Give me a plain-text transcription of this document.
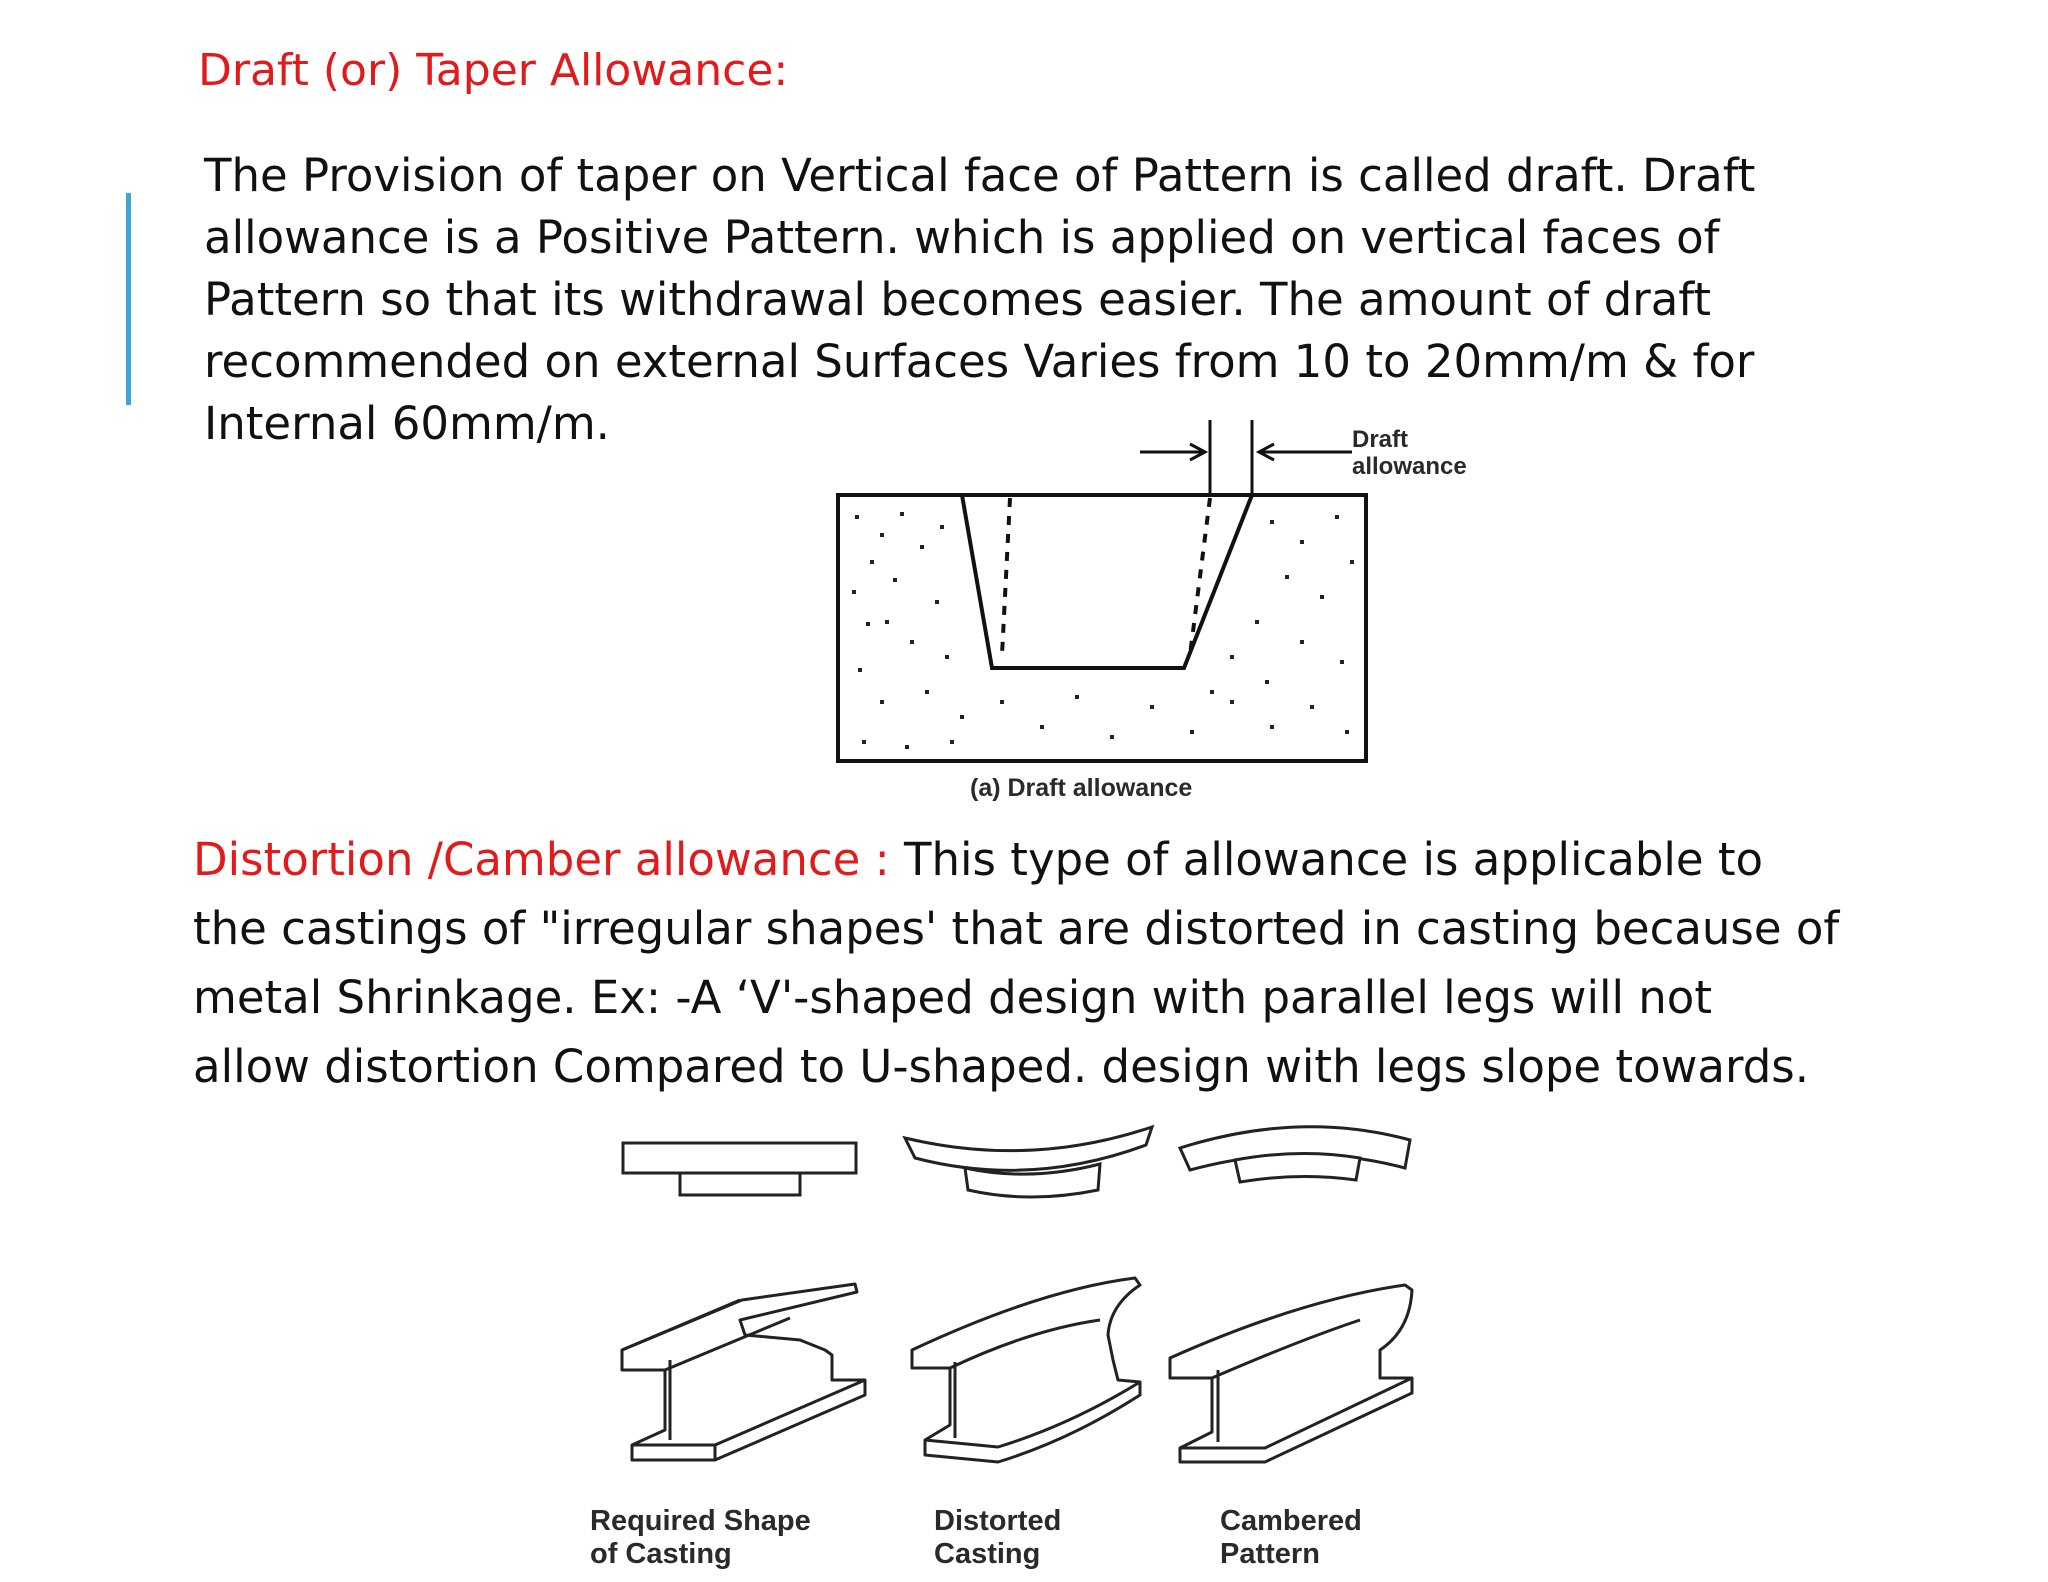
Draft (or) Taper Allowance:

The Provision of taper on Vertical face of Pattern is called draft. Draft
allowance is a Positive Pattern. which is applied on vertical faces of
Pattern so that its withdrawal becomes easier. The amount of draft
recommended on external Surfaces Varies from 10 to 20mm/m & for
Internal 60mm/m.	Draft
allowance
(a) Draft allowance

Distortion /Camber allowance : This type of allowance is applicable to
the castings of "irregular shapes' that are distorted in casting because of
metal Shrinkage. Ex: -A ‘V'-shaped design with parallel legs will not
allow distortion Compared to U-shaped. design with legs slope towards.

Required Shape
of Casting
Distorted
Casting
Cambered
Pattern
